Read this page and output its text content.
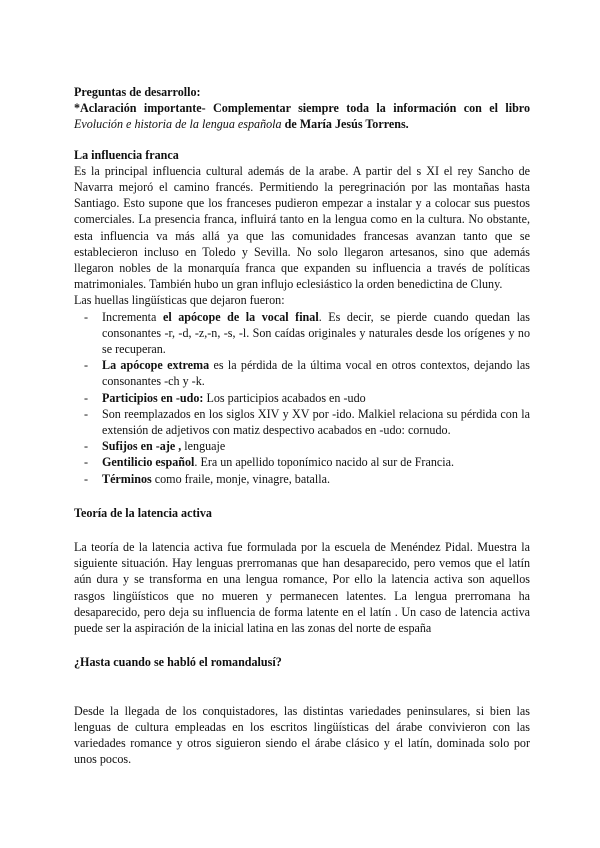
Preguntas de desarrollo:

*Aclaración importante- Complementar siempre toda la información con el libro Evolución e historia de la lengua española de María Jesús Torrens.

La influencia franca

Es la principal influencia cultural además de la arabe. A partir del s XI el rey Sancho de Navarra mejoró el camino francés. Permitiendo la peregrinación por las montañas hasta Santiago. Esto supone que los franceses pudieron empezar a instalar y a colocar sus puestos comerciales. La presencia franca, influirá tanto en la lengua como en la cultura. No obstante, esta influencia va más allá ya que las comunidades francesas avanzan tanto que se establecieron incluso en Toledo y Sevilla. No solo llegaron artesanos, sino que además llegaron nobles de la monarquía franca que expanden su influencia a través de políticas matrimoniales. También hubo un gran influjo eclesiástico la orden benedictina de Cluny.

Las huellas lingüísticas que dejaron fueron:

- Incrementa el apócope de la vocal final. Es decir, se pierde cuando quedan las consonantes -r, -d, -z,-n, -s, -l. Son caídas originales y naturales desde los orígenes y no se recuperan.
- La apócope extrema es la pérdida de la última vocal en otros contextos, dejando las consonantes -ch y -k.
- Participios en -udo: Los participios acabados en -udo
- Son reemplazados en los siglos XIV y XV por -ido. Malkiel relaciona su pérdida con la extensión de adjetivos con matiz despectivo acabados en -udo: cornudo.
- Sufijos en -aje , lenguaje
- Gentilicio español. Era un apellido toponímico nacido al sur de Francia.
- Términos como fraile, monje, vinagre, batalla.

Teoría de la latencia activa

La teoría de la latencia activa fue formulada por la escuela de Menéndez Pidal. Muestra la siguiente situación. Hay lenguas prerromanas que han desaparecido, pero vemos que el latín aún dura y se transforma en una lengua romance, Por ello la latencia activa son aquellos rasgos lingüísticos que no mueren y permanecen latentes. La lengua prerromana ha desaparecido, pero deja su influencia de forma latente en el latín . Un caso de latencia activa puede ser la aspiración de la inicial latina en las zonas del norte de españa

¿Hasta cuando se habló el romandalusí?

Desde la llegada de los conquistadores, las distintas variedades peninsulares, si bien las lenguas de cultura empleadas en los escritos lingüísticas del árabe convivieron con las variedades romance y otros siguieron siendo el árabe clásico y el latín, dominada solo por unos pocos.
